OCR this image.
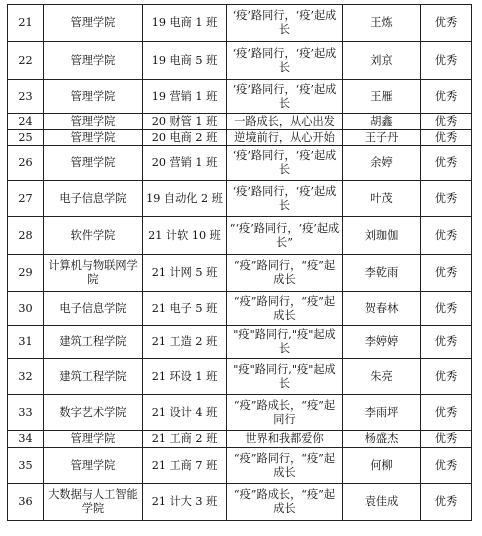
21	管理学院	19 电商 1 班	‘疫’路同行，‘疫’起成长	王炼	优秀
22	管理学院	19 电商 5 班	‘疫’路同行，‘疫’起成长	刘京	优秀
23	管理学院	19 营销 1 班	‘疫’路同行，‘疫’起成长	王雁	优秀
24	管理学院	20 财管 1 班	一路成长，从心出发	胡鑫	优秀
25	管理学院	20 电商 2 班	逆境前行，从心开始	王子丹	优秀
26	管理学院	20 营销 1 班	‘疫’路同行，‘疫’起成长	余婷	优秀
27	电子信息学院	19 自动化 2 班	‘疫’路同行，‘疫’起成长	叶茂	优秀
28	软件学院	21 计软 10 班	“‘疫’路同行，‘疫’起成长”	刘珈伽	优秀
29	计算机与物联网学院	21 计网 5 班	“疫”路同行，“疫”起成长	李乾雨	优秀
30	电子信息学院	21 电子 5 班	“疫”路同行，“疫”起成长	贺春林	优秀
31	建筑工程学院	21 工造 2 班	"疫"路同行,"疫"起成长	李婷婷	优秀
32	建筑工程学院	21 环设 1 班	"疫"路同行,"疫"起成长	朱亮	优秀
33	数字艺术学院	21 设计 4 班	“疫”路成长，“疫”起同行	李雨坪	优秀
34	管理学院	21 工商 2 班	世界和我都爱你	杨盛杰	优秀
35	管理学院	21 工商 7 班	“疫”路同行，“疫”起成长	何柳	优秀
36	大数据与人工智能学院	21 计大 3 班	“疫”路成长，“疫”起成长	袁佳成	优秀
